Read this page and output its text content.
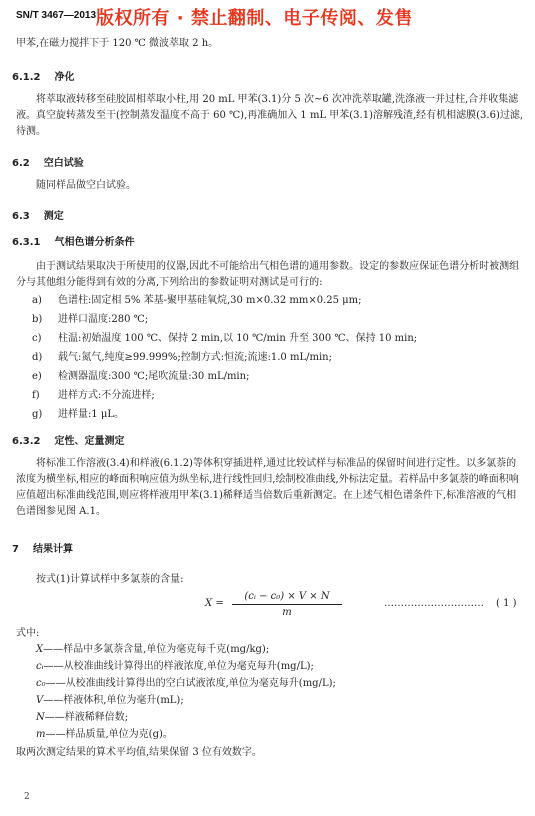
SN/T 3467—2013 版权所有 · 禁止翻制、电子传阅、发售
甲苯,在磁力搅拌下于 120 ℃ 微波萃取 2 h。
6.1.2 净化
将萃取液转移至硅胶固相萃取小柱,用 20 mL 甲苯(3.1)分 5 次~6 次冲洗萃取罐,洗涤液一并过柱,合并收集滤液。真空旋转蒸发至干(控制蒸发温度不高于 60 ℃),再准确加入 1 mL 甲苯(3.1)溶解残渣,经有机相滤膜(3.6)过滤,待测。
6.2 空白试验
随同样品做空白试验。
6.3 测定
6.3.1 气相色谱分析条件
由于测试结果取决于所使用的仪器,因此不可能给出气相色谱的通用参数。设定的参数应保证色谱分析时被测组分与其他组分能得到有效的分离,下列给出的参数证明对测试是可行的:
a) 色谱柱:固定相 5% 苯基-聚甲基硅氧烷,30 m×0.32 mm×0.25 μm;
b) 进样口温度:280 ℃;
c) 柱温:初始温度 100 ℃、保持 2 min,以 10 ℃/min 升至 300 ℃、保持 10 min;
d) 载气:氮气,纯度≥99.999%;控制方式:恒流;流速:1.0 mL/min;
e) 检测器温度:300 ℃;尾吹流量:30 mL/min;
f) 进样方式:不分流进样;
g) 进样量:1 μL。
6.3.2 定性、定量测定
将标准工作溶液(3.4)和样液(6.1.2)等体积穿插进样,通过比较试样与标准品的保留时间进行定性。以多氯萘的浓度为横坐标,相应的峰面积响应值为纵坐标,进行线性回归,绘制校准曲线,外标法定量。若样品中多氯萘的峰面积响应值超出标准曲线范围,则应将样液用甲苯(3.1)稀释适当倍数后重新测定。在上述气相色谱条件下,标准溶液的气相色谱图参见图 A.1。
7 结果计算
按式(1)计算试样中多氯萘的含量:
X =
(cᵢ − c₀) × V × N
m
………………………… ( 1 )
式中:
X——样品中多氯萘含量,单位为毫克每千克(mg/kg);
cᵢ——从校准曲线计算得出的样液浓度,单位为毫克每升(mg/L);
c₀——从校准曲线计算得出的空白试液浓度,单位为毫克每升(mg/L);
V——样液体积,单位为毫升(mL);
N——样液稀释倍数;
m——样品质量,单位为克(g)。
取两次测定结果的算术平均值,结果保留 3 位有效数字。
2
